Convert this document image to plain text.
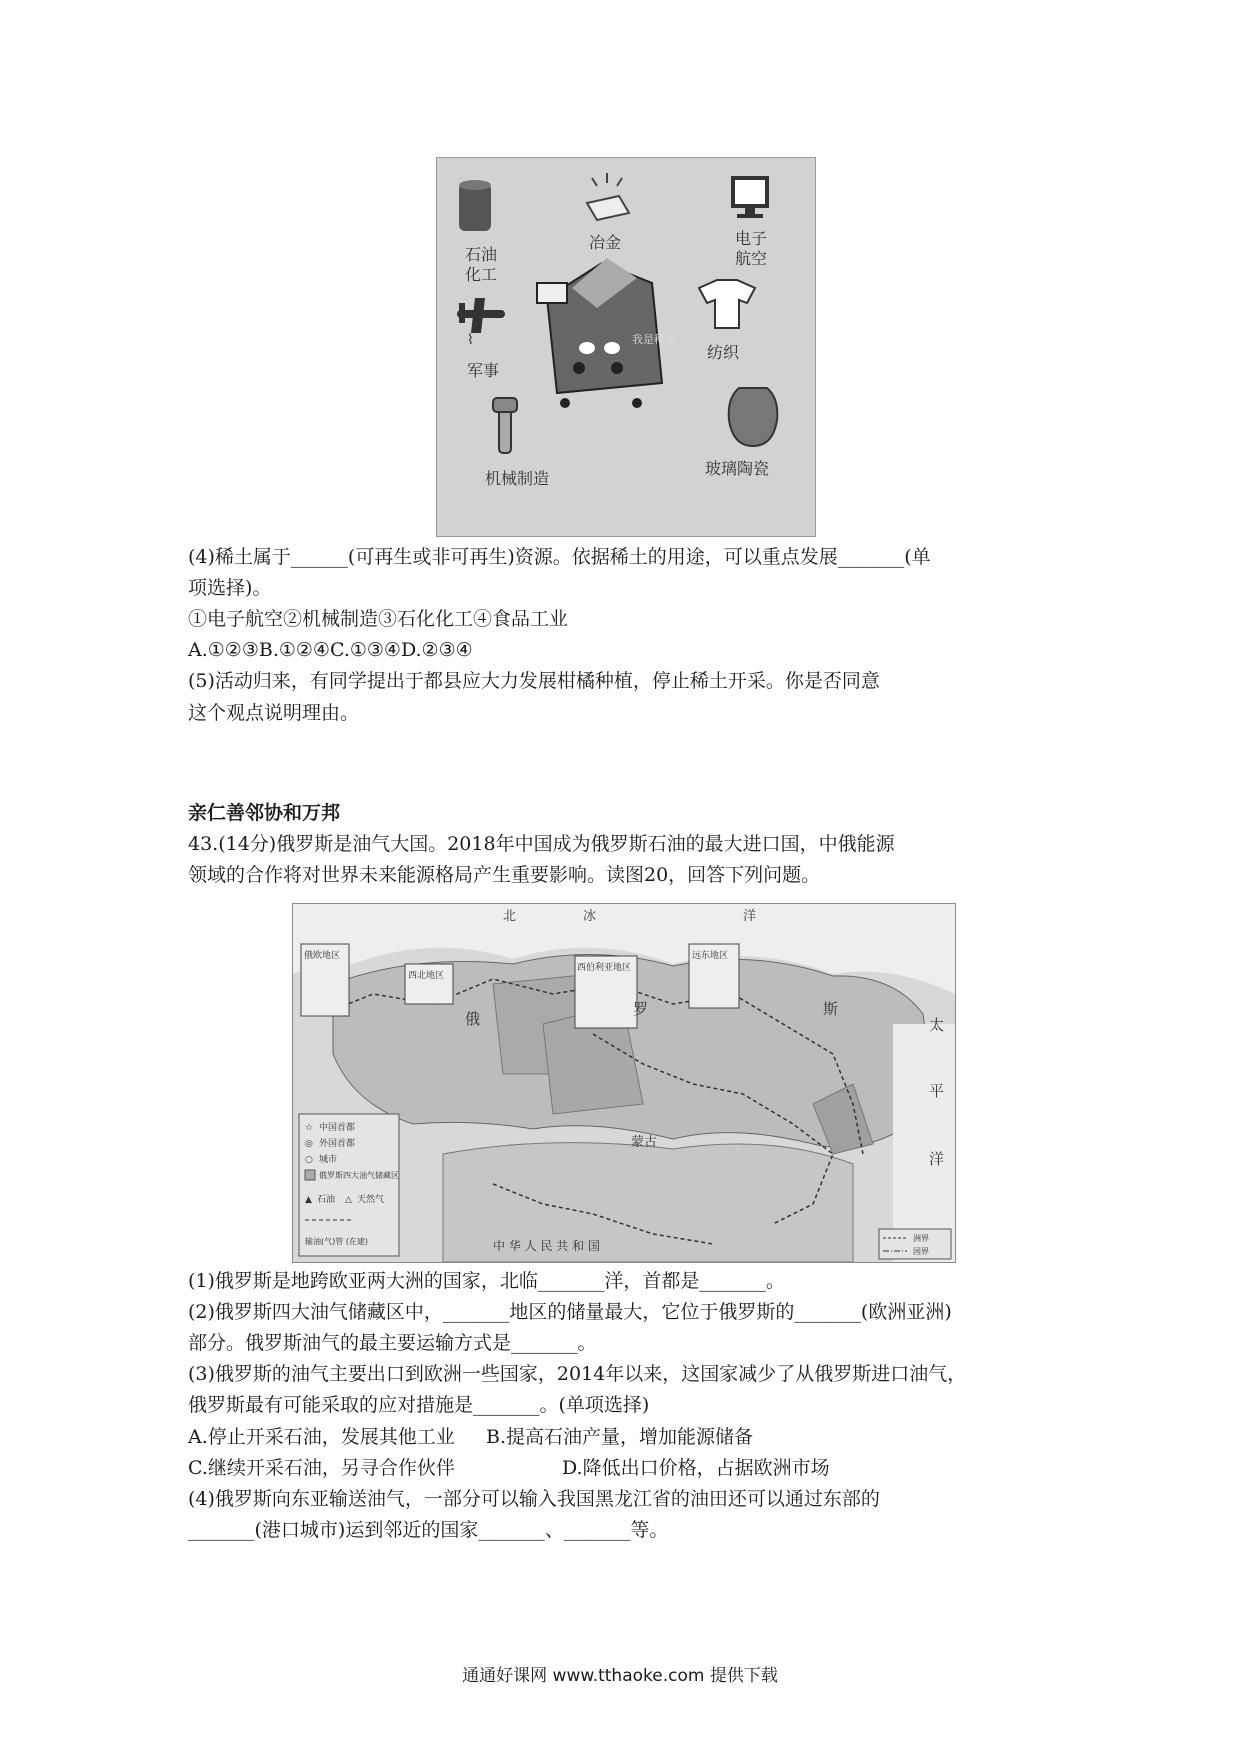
石油
化工
冶金	电子
航空
⌇
军事
我是稀土
纺织
机械制造
玻璃陶瓷
(4)稀土属于______(可再生或非可再生)资源。依据稀土的用途，可以重点发展_______(单
项选择)。
①电子航空②机械制造③石化化工④食品工业
A.①②③B.①②④C.①③④D.②③④
(5)活动归来，有同学提出于都县应大力发展柑橘种植，停止稀土开采。你是否同意
这个观点说明理由。
亲仁善邻协和万邦
43.(14分)俄罗斯是油气大国。2018年中国成为俄罗斯石油的最大进口国，中俄能源
领域的合作将对世界未来能源格局产生重要影响。读图20，回答下列问题。
俄欧地区
西北地区
西伯利亚地区
远东地区
北	冰	洋
太
平
洋
俄
罗	斯
蒙古
中 华 人 民 共 和 国
☆ 中国首都
◎ 外国首都
○ 城市
俄罗斯四大油气储藏区
▲ 石油 △ 天然气
输油(气)管 (在建)	洲界
国界
(1)俄罗斯是地跨欧亚两大洲的国家，北临_______洋，首都是_______。
(2)俄罗斯四大油气储藏区中，_______地区的储量最大，它位于俄罗斯的_______(欧洲亚洲)
部分。俄罗斯油气的最主要运输方式是_______。
(3)俄罗斯的油气主要出口到欧洲一些国家，2014年以来，这国家减少了从俄罗斯进口油气，
俄罗斯最有可能采取的应对措施是_______。(单项选择)
A.停止开采石油，发展其他工业 B.提高石油产量，增加能源储备
C.继续开采石油，另寻合作伙伴	D.降低出口价格，占据欧洲市场
(4)俄罗斯向东亚输送油气，一部分可以输入我国黑龙江省的油田还可以通过东部的
_______(港口城市)运到邻近的国家_______、_______等。
通通好课网 www.tthaoke.com 提供下载
